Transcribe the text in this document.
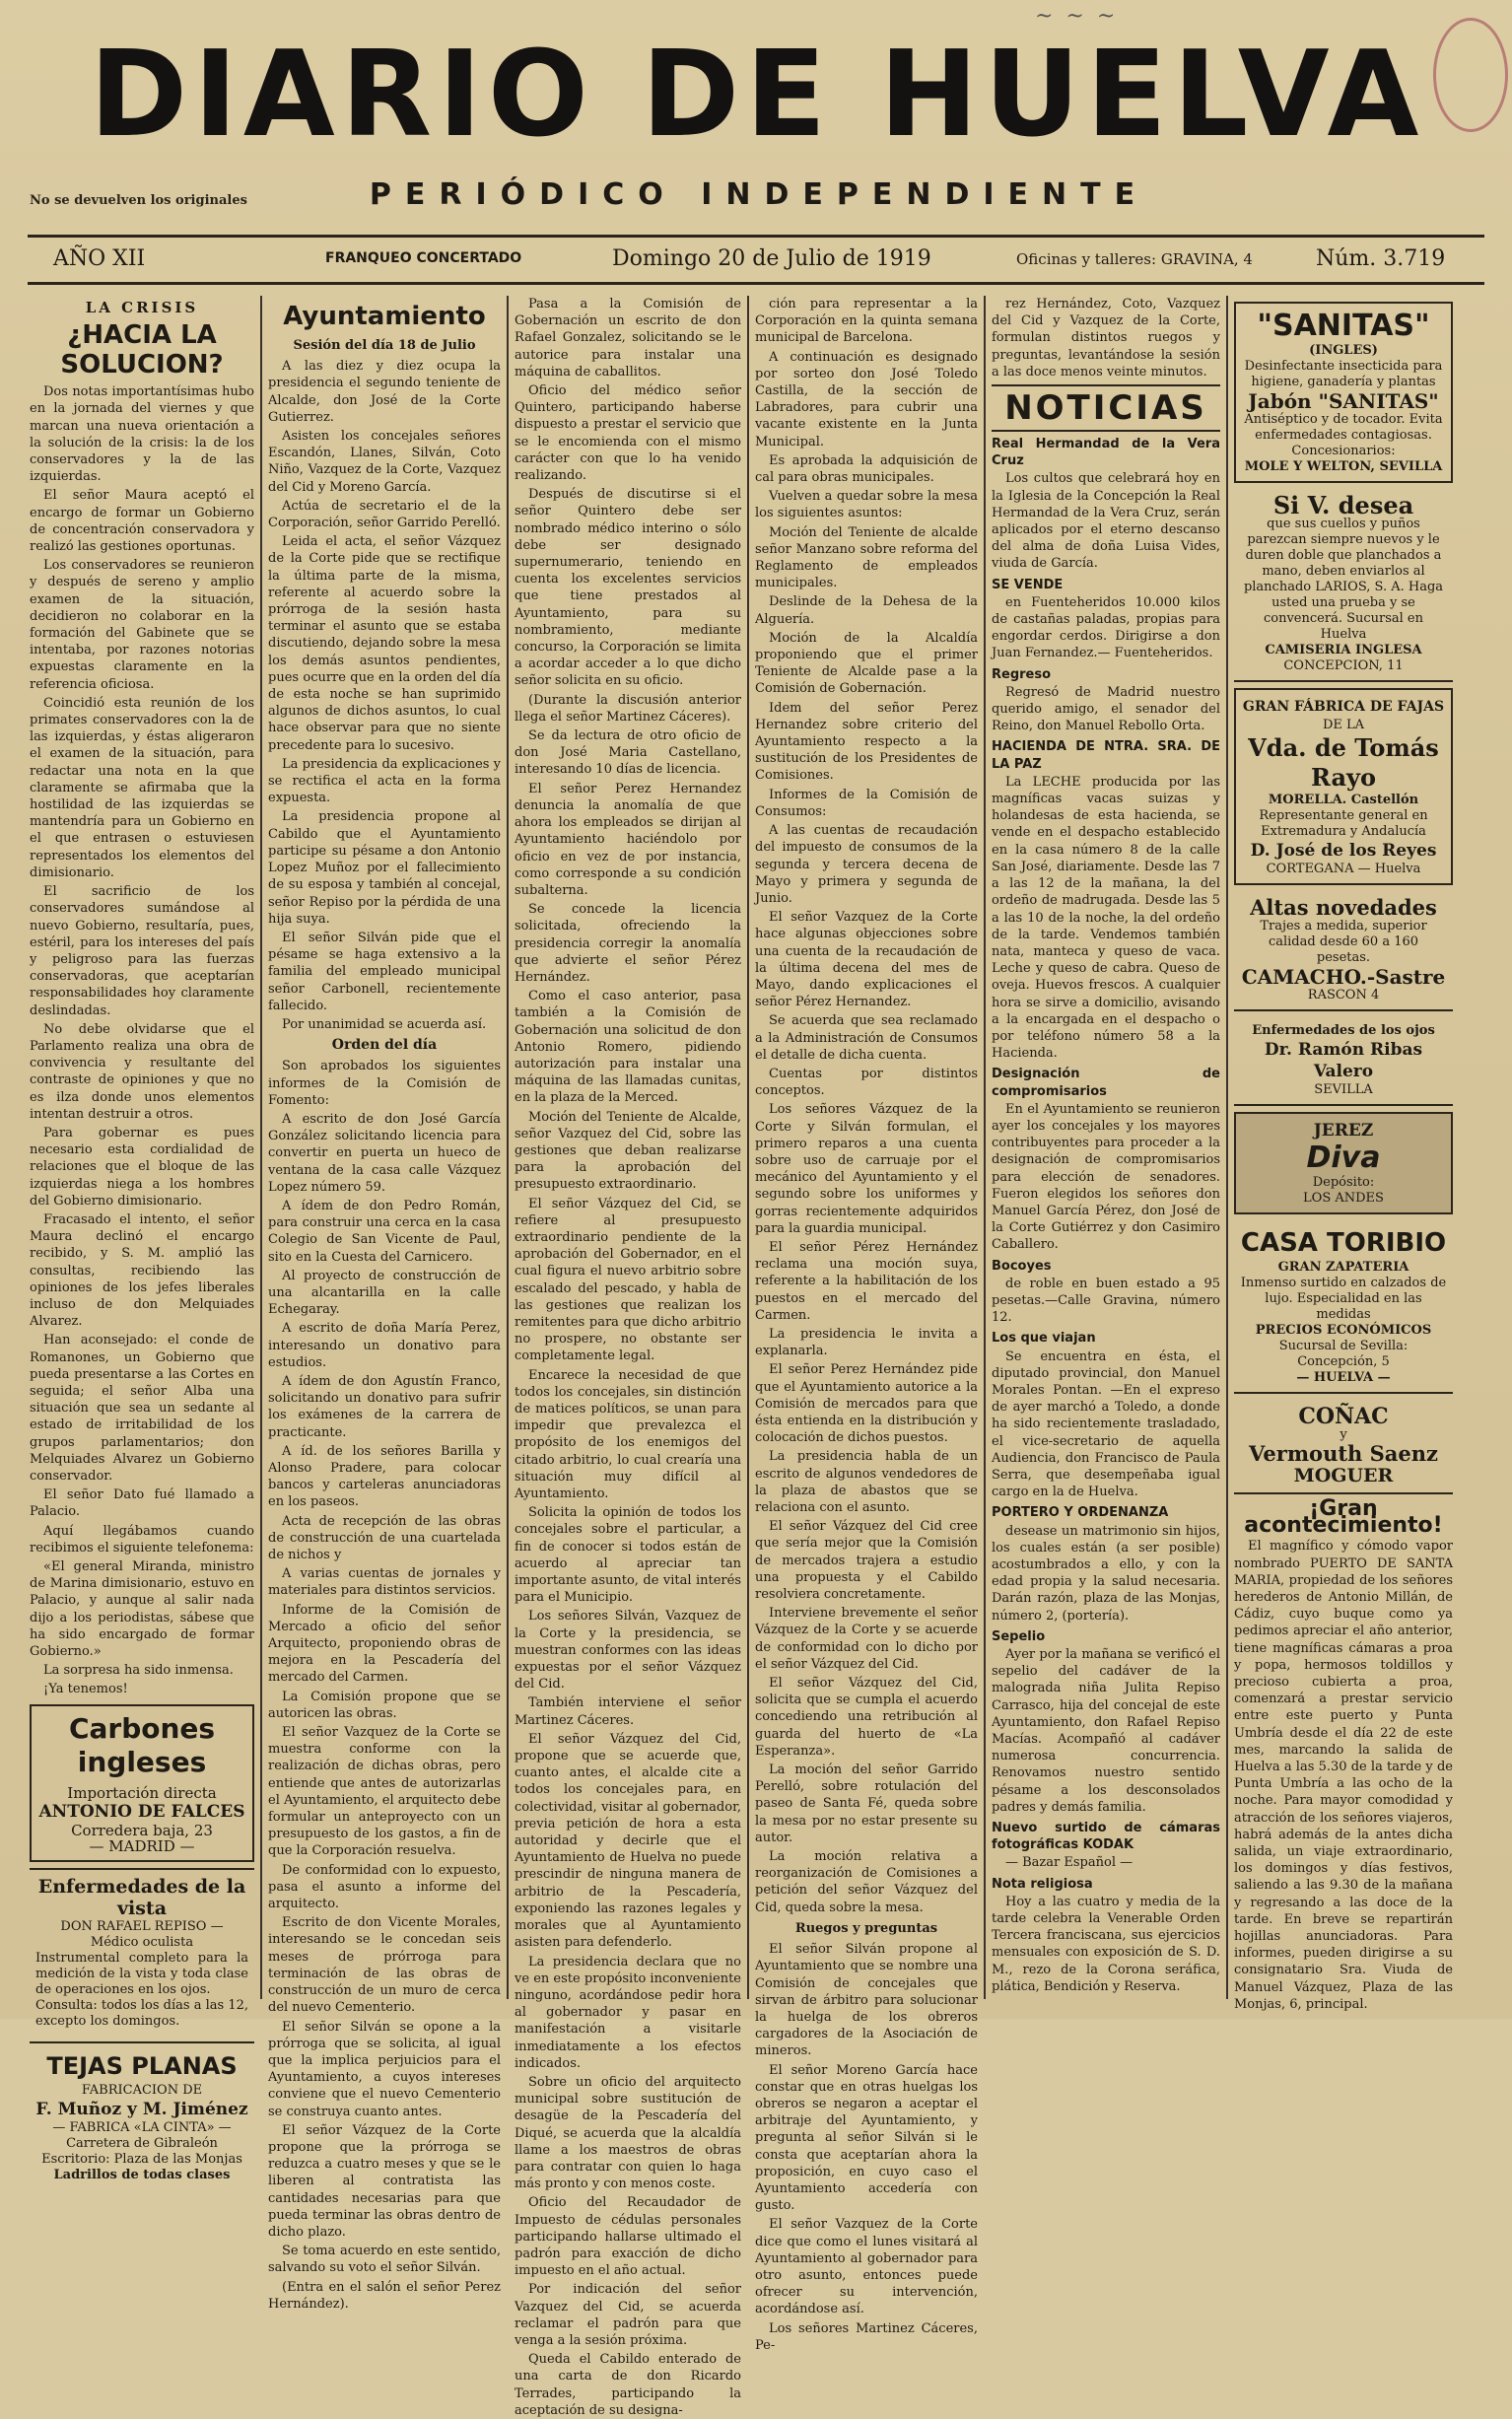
~ ~ ~
DIARIO DE HUELVA
No se devuelven los originales	PERIÓDICO INDEPENDIENTE
AÑO XII	FRANQUEO CONCERTADO	Domingo 20 de Julio de 1919	Oficinas y talleres: GRAVINA, 4	Núm. 3.719
LA CRISIS
¿HACIA LA SOLUCION?

Dos notas importantísimas hubo en la jornada del viernes y que marcan una nueva orientación a la solución de la crisis: la de los conservadores y la de las izquierdas.

El señor Maura aceptó el encargo de formar un Gobierno de concentración conservadora y realizó las gestiones oportunas.

Los conservadores se reunieron y después de sereno y amplio examen de la situación, decidieron no colaborar en la formación del Gabinete que se intentaba, por razones notorias expuestas claramente en la referencia oficiosa.

Coincidió esta reunión de los primates conservadores con la de las izquierdas, y éstas aligeraron el examen de la situación, para redactar una nota en la que claramente se afirmaba que la hostilidad de las izquierdas se mantendría para un Gobierno en el que entrasen o estuviesen representados los elementos del dimisionario.

El sacrificio de los conservadores sumándose al nuevo Gobierno, resultaría, pues, estéril, para los intereses del país y peligroso para las fuerzas conservadoras, que aceptarían responsabilidades hoy claramente deslindadas.

No debe olvidarse que el Parlamento realiza una obra de convivencia y resultante del contraste de opiniones y que no es ilza donde unos elementos intentan destruir a otros.

Para gobernar es pues necesario esta cordialidad de relaciones que el bloque de las izquierdas niega a los hombres del Gobierno dimisionario.

Fracasado el intento, el señor Maura declinó el encargo recibido, y S. M. amplió las consultas, recibiendo las opiniones de los jefes liberales incluso de don Melquiades Alvarez.

Han aconsejado: el conde de Romanones, un Gobierno que pueda presentarse a las Cortes en seguida; el señor Alba una situación que sea un sedante al estado de irritabilidad de los grupos parlamentarios; don Melquiades Alvarez un Gobierno conservador.

El señor Dato fué llamado a Palacio.

Aquí llegábamos cuando recibimos el siguiente telefonema:

«El general Miranda, ministro de Marina dimisionario, estuvo en Palacio, y aunque al salir nada dijo a los periodistas, sábese que ha sido encargado de formar Gobierno.»

La sorpresa ha sido inmensa.

¡Ya tenemos!

Carbones ingleses
Importación directa
ANTONIO DE FALCES
Corredera baja, 23
— MADRID —
Enfermedades de la vista
DON RAFAEL REPISO — Médico oculista
Instrumental completo para la medición de la vista y toda clase de operaciones en los ojos.
Consulta: todos los días a las 12, excepto los domingos.
TEJAS PLANAS
FABRICACION DE
F. Muñoz y M. Jiménez
— FABRICA «LA CINTA» —
Carretera de Gibraleón
Escritorio: Plaza de las Monjas
Ladrillos de todas clases
Ayuntamiento
Sesión del día 18 de Julio

A las diez y diez ocupa la presidencia el segundo teniente de Alcalde, don José de la Corte Gutierrez.

Asisten los concejales señores Escandón, Llanes, Silván, Coto Niño, Vazquez de la Corte, Vazquez del Cid y Moreno García.

Actúa de secretario el de la Corporación, señor Garrido Perelló.

Leida el acta, el señor Vázquez de la Corte pide que se rectifique la última parte de la misma, referente al acuerdo sobre la prórroga de la sesión hasta terminar el asunto que se estaba discutiendo, dejando sobre la mesa los demás asuntos pendientes, pues ocurre que en la orden del día de esta noche se han suprimido algunos de dichos asuntos, lo cual hace observar para que no siente precedente para lo sucesivo.

La presidencia da explicaciones y se rectifica el acta en la forma expuesta.

La presidencia propone al Cabildo que el Ayuntamiento participe su pésame a don Antonio Lopez Muñoz por el fallecimiento de su esposa y también al concejal, señor Repiso por la pérdida de una hija suya.

El señor Silván pide que el pésame se haga extensivo a la familia del empleado municipal señor Carbonell, recientemente fallecido.

Por unanimidad se acuerda así.

Orden del día

Son aprobados los siguientes informes de la Comisión de Fomento:

A escrito de don José García González solicitando licencia para convertir en puerta un hueco de ventana de la casa calle Vázquez Lopez número 59.

A ídem de don Pedro Román, para construir una cerca en la casa Colegio de San Vicente de Paul, sito en la Cuesta del Carnicero.

Al proyecto de construcción de una alcantarilla en la calle Echegaray.

A escrito de doña María Perez, interesando un donativo para estudios.

A ídem de don Agustín Franco, solicitando un donativo para sufrir los exámenes de la carrera de practicante.

A íd. de los señores Barilla y Alonso Pradere, para colocar bancos y carteleras anunciadoras en los paseos.

Acta de recepción de las obras de construcción de una cuartelada de nichos y

A varias cuentas de jornales y materiales para distintos servicios.

Informe de la Comisión de Mercado a oficio del señor Arquitecto, proponiendo obras de mejora en la Pescadería del mercado del Carmen.

La Comisión propone que se autoricen las obras.

El señor Vazquez de la Corte se muestra conforme con la realización de dichas obras, pero entiende que antes de autorizarlas el Ayuntamiento, el arquitecto debe formular un anteproyecto con un presupuesto de los gastos, a fin de que la Corporación resuelva.

De conformidad con lo expuesto, pasa el asunto a informe del arquitecto.

Escrito de don Vicente Morales, interesando se le concedan seis meses de prórroga para terminación de las obras de construcción de un muro de cerca del nuevo Cementerio.

El señor Silván se opone a la prórroga que se solicita, al igual que la implica perjuicios para el Ayuntamiento, a cuyos intereses conviene que el nuevo Cementerio se construya cuanto antes.

El señor Vázquez de la Corte propone que la prórroga se reduzca a cuatro meses y que se le liberen al contratista las cantidades necesarias para que pueda terminar las obras dentro de dicho plazo.

Se toma acuerdo en este sentido, salvando su voto el señor Silván.

(Entra en el salón el señor Perez Hernández).

Pasa a la Comisión de Gobernación un escrito de don Rafael Gonzalez, solicitando se le autorice para instalar una máquina de caballitos.

Oficio del médico señor Quintero, participando haberse dispuesto a prestar el servicio que se le encomienda con el mismo carácter con que lo ha venido realizando.

Después de discutirse si el señor Quintero debe ser nombrado médico interino o sólo debe ser designado supernumerario, teniendo en cuenta los excelentes servicios que tiene prestados al Ayuntamiento, para su nombramiento, mediante concurso, la Corporación se limita a acordar acceder a lo que dicho señor solicita en su oficio.

(Durante la discusión anterior llega el señor Martinez Cáceres).

Se da lectura de otro oficio de don José Maria Castellano, interesando 10 días de licencia.

El señor Perez Hernandez denuncia la anomalía de que ahora los empleados se dirijan al Ayuntamiento haciéndolo por oficio en vez de por instancia, como corresponde a su condición subalterna.

Se concede la licencia solicitada, ofreciendo la presidencia corregir la anomalía que advierte el señor Pérez Hernández.

Como el caso anterior, pasa también a la Comisión de Gobernación una solicitud de don Antonio Romero, pidiendo autorización para instalar una máquina de las llamadas cunitas, en la plaza de la Merced.

Moción del Teniente de Alcalde, señor Vazquez del Cid, sobre las gestiones que deban realizarse para la aprobación del presupuesto extraordinario.

El señor Vázquez del Cid, se refiere al presupuesto extraordinario pendiente de la aprobación del Gobernador, en el cual figura el nuevo arbitrio sobre escalado del pescado, y habla de las gestiones que realizan los remitentes para que dicho arbitrio no prospere, no obstante ser completamente legal.

Encarece la necesidad de que todos los concejales, sin distinción de matices políticos, se unan para impedir que prevalezca el propósito de los enemigos del citado arbitrio, lo cual crearía una situación muy difícil al Ayuntamiento.

Solicita la opinión de todos los concejales sobre el particular, a fin de conocer si todos están de acuerdo al apreciar tan importante asunto, de vital interés para el Municipio.

Los señores Silván, Vazquez de la Corte y la presidencia, se muestran conformes con las ideas expuestas por el señor Vázquez del Cid.

También interviene el señor Martinez Cáceres.

El señor Vázquez del Cid, propone que se acuerde que, cuanto antes, el alcalde cite a todos los concejales para, en colectividad, visitar al gobernador, previa petición de hora a esta autoridad y decirle que el Ayuntamiento de Huelva no puede prescindir de ninguna manera de arbitrio de la Pescadería, exponiendo las razones legales y morales que al Ayuntamiento asisten para defenderlo.

La presidencia declara que no ve en este propósito inconveniente ninguno, acordándose pedir hora al gobernador y pasar en manifestación a visitarle inmediatamente a los efectos indicados.

Sobre un oficio del arquitecto municipal sobre sustitución de desagüe de la Pescadería del Diqué, se acuerda que la alcaldía llame a los maestros de obras para contratar con quien lo haga más pronto y con menos coste.

Oficio del Recaudador de Impuesto de cédulas personales participando hallarse ultimado el padrón para exacción de dicho impuesto en el año actual.

Por indicación del señor Vazquez del Cid, se acuerda reclamar el padrón para que venga a la sesión próxima.

Queda el Cabildo enterado de una carta de don Ricardo Terrades, participando la aceptación de su designa-

ción para representar a la Corporación en la quinta semana municipal de Barcelona.

A continuación es designado por sorteo don José Toledo Castilla, de la sección de Labradores, para cubrir una vacante existente en la Junta Municipal.

Es aprobada la adquisición de cal para obras municipales.

Vuelven a quedar sobre la mesa los siguientes asuntos:

Moción del Teniente de alcalde señor Manzano sobre reforma del Reglamento de empleados municipales.

Deslinde de la Dehesa de la Alguería.

Moción de la Alcaldía proponiendo que el primer Teniente de Alcalde pase a la Comisión de Gobernación.

Idem del señor Perez Hernandez sobre criterio del Ayuntamiento respecto a la sustitución de los Presidentes de Comisiones.

Informes de la Comisión de Consumos:

A las cuentas de recaudación del impuesto de consumos de la segunda y tercera decena de Mayo y primera y segunda de Junio.

El señor Vazquez de la Corte hace algunas objecciones sobre una cuenta de la recaudación de la última decena del mes de Mayo, dando explicaciones el señor Pérez Hernandez.

Se acuerda que sea reclamado a la Administración de Consumos el detalle de dicha cuenta.

Cuentas por distintos conceptos.

Los señores Vázquez de la Corte y Silván formulan, el primero reparos a una cuenta sobre uso de carruaje por el mecánico del Ayuntamiento y el segundo sobre los uniformes y gorras recientemente adquiridos para la guardia municipal.

El señor Pérez Hernández reclama una moción suya, referente a la habilitación de los puestos en el mercado del Carmen.

La presidencia le invita a explanarla.

El señor Perez Hernández pide que el Ayuntamiento autorice a la Comisión de mercados para que ésta entienda en la distribución y colocación de dichos puestos.

La presidencia habla de un escrito de algunos vendedores de la plaza de abastos que se relaciona con el asunto.

El señor Vázquez del Cid cree que sería mejor que la Comisión de mercados trajera a estudio una propuesta y el Cabildo resolviera concretamente.

Interviene brevemente el señor Vázquez de la Corte y se acuerde de conformidad con lo dicho por el señor Vázquez del Cid.

El señor Vázquez del Cid, solicita que se cumpla el acuerdo concediendo una retribución al guarda del huerto de «La Esperanza».

La moción del señor Garrido Perelló, sobre rotulación del paseo de Santa Fé, queda sobre la mesa por no estar presente su autor.

La moción relativa a reorganización de Comisiones a petición del señor Vázquez del Cid, queda sobre la mesa.

Ruegos y preguntas

El señor Silván propone al Ayuntamiento que se nombre una Comisión de concejales que sirvan de árbitro para solucionar la huelga de los obreros cargadores de la Asociación de mineros.

El señor Moreno García hace constar que en otras huelgas los obreros se negaron a aceptar el arbitraje del Ayuntamiento, y pregunta al señor Silván si le consta que aceptarían ahora la proposición, en cuyo caso el Ayuntamiento accedería con gusto.

El señor Vazquez de la Corte dice que como el lunes visitará al Ayuntamiento al gobernador para otro asunto, entonces puede ofrecer su intervención, acordándose así.

Los señores Martinez Cáceres, Pe-

rez Hernández, Coto, Vazquez del Cid y Vazquez de la Corte, formulan distintos ruegos y preguntas, levantándose la sesión a las doce menos veinte minutos.

NOTICIAS
Real Hermandad de la Vera Cruz

Los cultos que celebrará hoy en la Iglesia de la Concepción la Real Hermandad de la Vera Cruz, serán aplicados por el eterno descanso del alma de doña Luisa Vides, viuda de García.

SE VENDE

en Fuenteheridos 10.000 kilos de castañas paladas, propias para engordar cerdos. Dirigirse a don Juan Fernandez.— Fuenteheridos.

Regreso

Regresó de Madrid nuestro querido amigo, el senador del Reino, don Manuel Rebollo Orta.

HACIENDA DE NTRA. SRA. DE LA PAZ

La LECHE producida por las magníficas vacas suizas y holandesas de esta hacienda, se vende en el despacho establecido en la casa número 8 de la calle San José, diariamente. Desde las 7 a las 12 de la mañana, la del ordeño de madrugada. Desde las 5 a las 10 de la noche, la del ordeño de la tarde. Vendemos también nata, manteca y queso de vaca. Leche y queso de cabra. Queso de oveja. Huevos frescos. A cualquier hora se sirve a domicilio, avisando a la encargada en el despacho o por teléfono número 58 a la Hacienda.

Designación de compromisarios

En el Ayuntamiento se reunieron ayer los concejales y los mayores contribuyentes para proceder a la designación de compromisarios para elección de senadores. Fueron elegidos los señores don Manuel García Pérez, don José de la Corte Gutiérrez y don Casimiro Caballero.

Bocoyes

de roble en buen estado a 95 pesetas.—Calle Gravina, número 12.

Los que viajan

Se encuentra en ésta, el diputado provincial, don Manuel Morales Pontan. —En el expreso de ayer marchó a Toledo, a donde ha sido recientemente trasladado, el vice-secretario de aquella Audiencia, don Francisco de Paula Serra, que desempeñaba igual cargo en la de Huelva.

PORTERO Y ORDENANZA

desease un matrimonio sin hijos, los cuales están (a ser posible) acostumbrados a ello, y con la edad propia y la salud necesaria. Darán razón, plaza de las Monjas, número 2, (portería).

Sepelio

Ayer por la mañana se verificó el sepelio del cadáver de la malograda niña Julita Repiso Carrasco, hija del concejal de este Ayuntamiento, don Rafael Repiso Macías. Acompañó al cadáver numerosa concurrencia. Renovamos nuestro sentido pésame a los desconsolados padres y demás familia.

Nuevo surtido de cámaras fotográficas KODAK

— Bazar Español —

Nota religiosa

Hoy a las cuatro y media de la tarde celebra la Venerable Orden Tercera franciscana, sus ejercicios mensuales con exposición de S. D. M., rezo de la Corona seráfica, plática, Bendición y Reserva.

"SANITAS"
(INGLES)
Desinfectante insecticida para higiene, ganadería y plantas
Jabón "SANITAS"
Antiséptico y de tocador. Evita enfermedades contagiosas.
Concesionarios:
MOLE Y WELTON, SEVILLA
Si V. desea
que sus cuellos y puños parezcan siempre nuevos y le duren doble que planchados a mano, deben enviarlos al planchado LARIOS, S. A. Haga usted una prueba y se convencerá. Sucursal en Huelva
CAMISERIA INGLESA
CONCEPCION, 11
GRAN FÁBRICA DE FAJAS
DE LA
Vda. de Tomás Rayo
MORELLA. Castellón
Representante general en Extremadura y Andalucía
D. José de los Reyes
CORTEGANA — Huelva
Altas novedades
Trajes a medida, superior calidad desde 60 a 160 pesetas.
CAMACHO.-Sastre
RASCON 4
Enfermedades de los ojos
Dr. Ramón Ribas Valero
SEVILLA
JEREZ
Diva
Depósito:
LOS ANDES
CASA TORIBIO
GRAN ZAPATERIA
Inmenso surtido en calzados de lujo. Especialidad en las medidas
PRECIOS ECONÓMICOS
Sucursal de Sevilla: Concepción, 5
— HUELVA —
COÑAC
y
Vermouth Saenz
MOGUER
¡Gran acontecimiento!

El magnífico y cómodo vapor nombrado PUERTO DE SANTA MARIA, propiedad de los señores herederos de Antonio Millán, de Cádiz, cuyo buque como ya pedimos apreciar el año anterior, tiene magníficas cámaras a proa y popa, hermosos toldillos y precioso cubierta a proa, comenzará a prestar servicio entre este puerto y Punta Umbría desde el día 22 de este mes, marcando la salida de Huelva a las 5.30 de la tarde y de Punta Umbría a las ocho de la noche. Para mayor comodidad y atracción de los señores viajeros, habrá además de la antes dicha salida, un viaje extraordinario, los domingos y días festivos, saliendo a las 9.30 de la mañana y regresando a las doce de la tarde. En breve se repartirán hojillas anunciadoras. Para informes, pueden dirigirse a su consignatario Sra. Viuda de Manuel Vázquez, Plaza de las Monjas, 6, principal.
